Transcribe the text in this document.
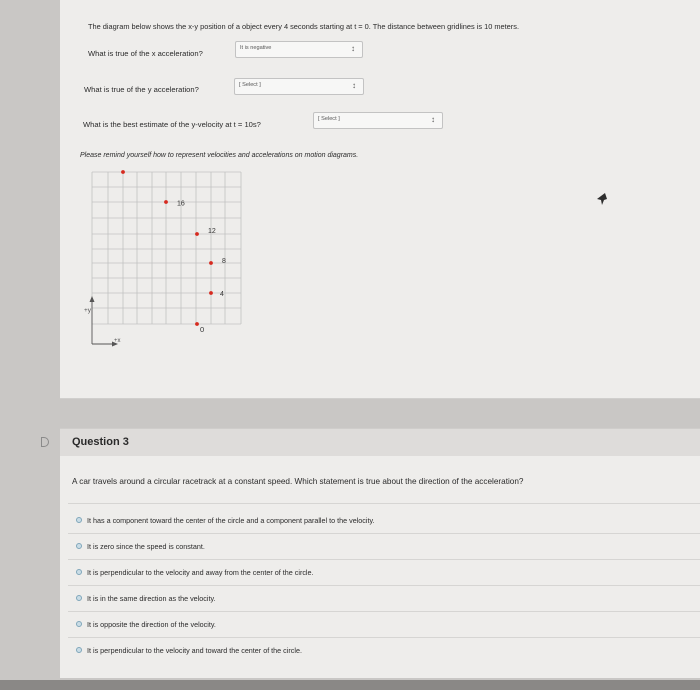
The diagram below shows the x-y position of a object every 4 seconds starting at t = 0. The distance between gridlines is 10 meters.
What is true of the x acceleration?
It is negative	↕
What is true of the y acceleration?	[ Select ]	↕
What is the best estimate of the y-velocity at t = 10s?
[ Select ]	↕
Please remind yourself how to represent velocities and accelerations on motion diagrams.
+y
+x
16
12
8
4
0
Question 3
A car travels around a circular racetrack at a constant speed. Which statement is true about the direction of the acceleration?
It has a component toward the center of the circle and a component parallel to the velocity.
It is zero since the speed is constant.
It is perpendicular to the velocity and away from the center of the circle.
It is in the same direction as the velocity.
It is opposite the direction of the velocity.
It is perpendicular to the velocity and toward the center of the circle.
